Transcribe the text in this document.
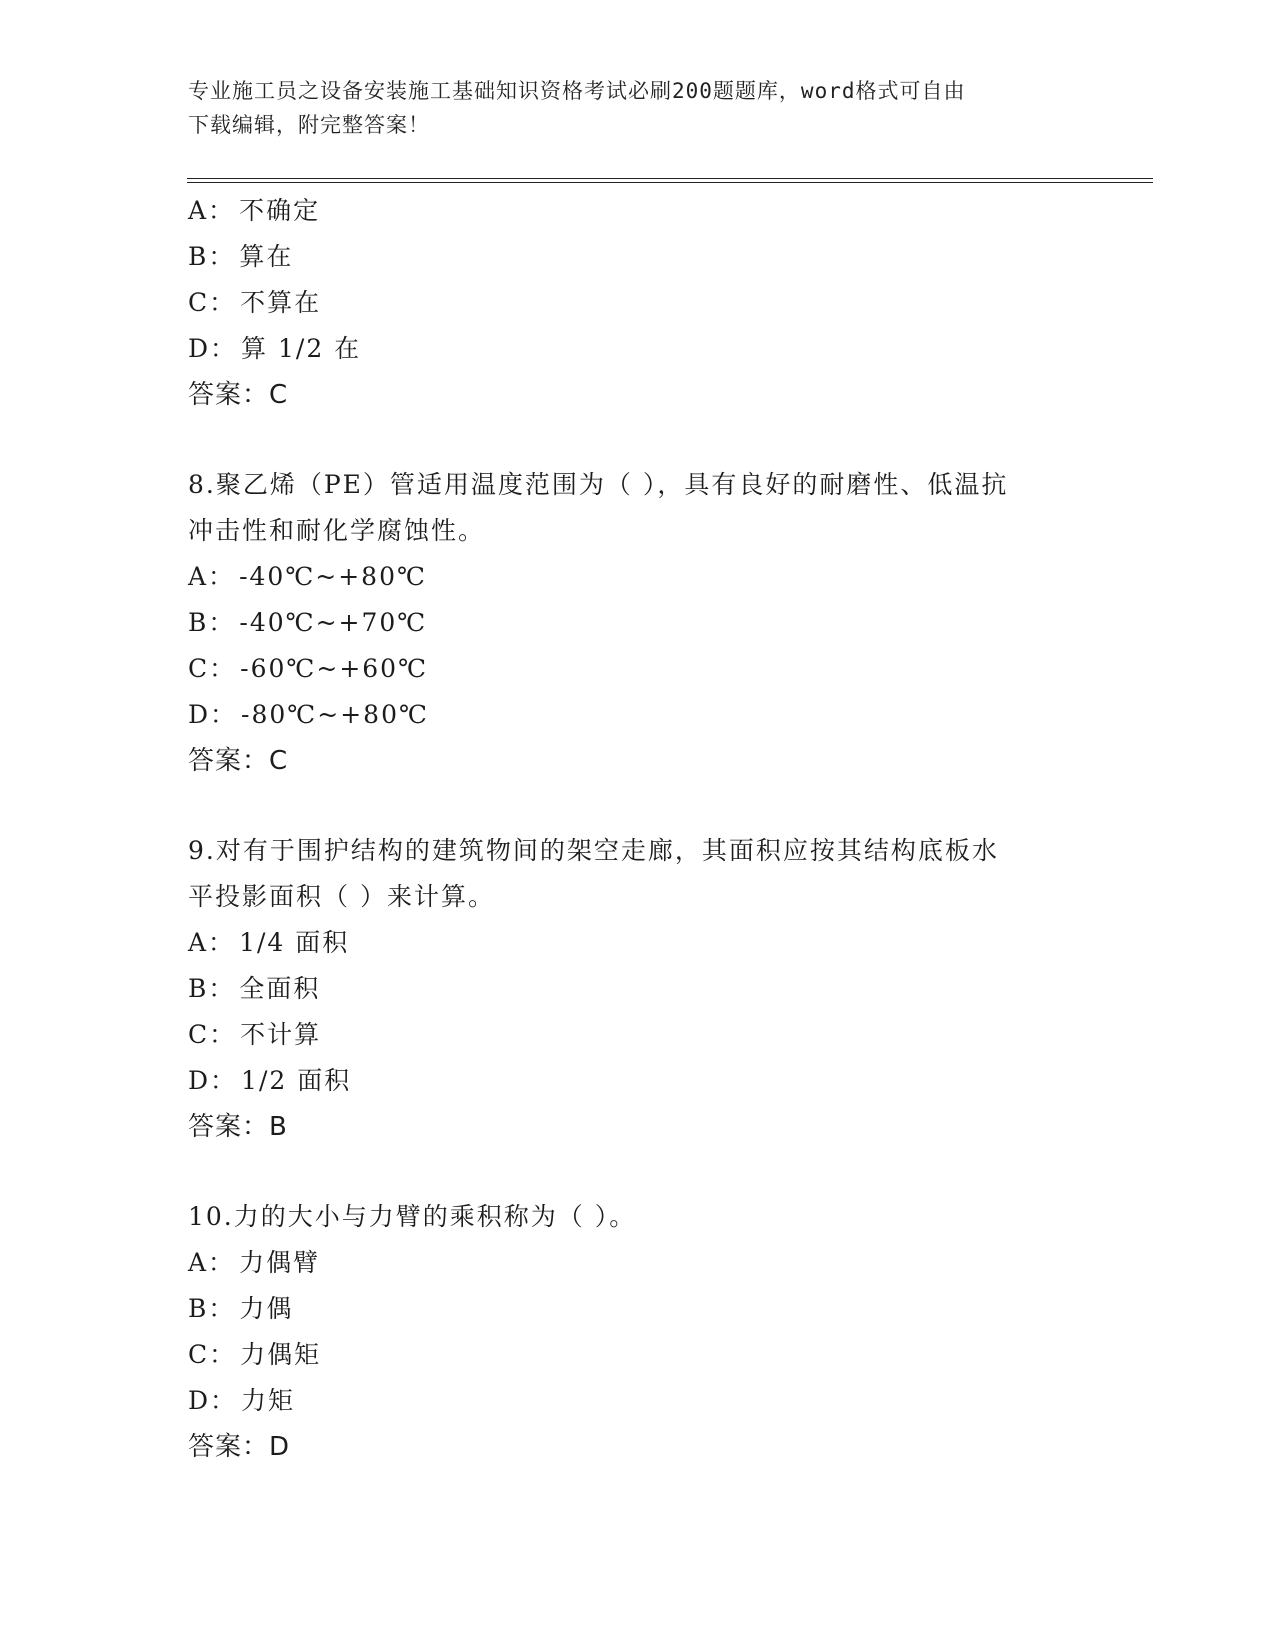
专业施工员之设备安装施工基础知识资格考试必刷200题题库，word格式可自由
下载编辑，附完整答案！
A： 不确定
B： 算在
C： 不算在
D： 算 1/2 在
答案：C
8.聚乙烯（PE）管适用温度范围为（ ），具有良好的耐磨性、低温抗
冲击性和耐化学腐蚀性。
A： -40℃~+80℃
B： -40℃~+70℃
C： -60℃~+60℃
D： -80℃~+80℃
答案：C
9.对有于围护结构的建筑物间的架空走廊，其面积应按其结构底板水
平投影面积（ ）来计算。
A： 1/4 面积
B： 全面积
C： 不计算
D： 1/2 面积
答案：B
10.力的大小与力臂的乘积称为（ ）。
A： 力偶臂
B： 力偶
C： 力偶矩
D： 力矩
答案：D
